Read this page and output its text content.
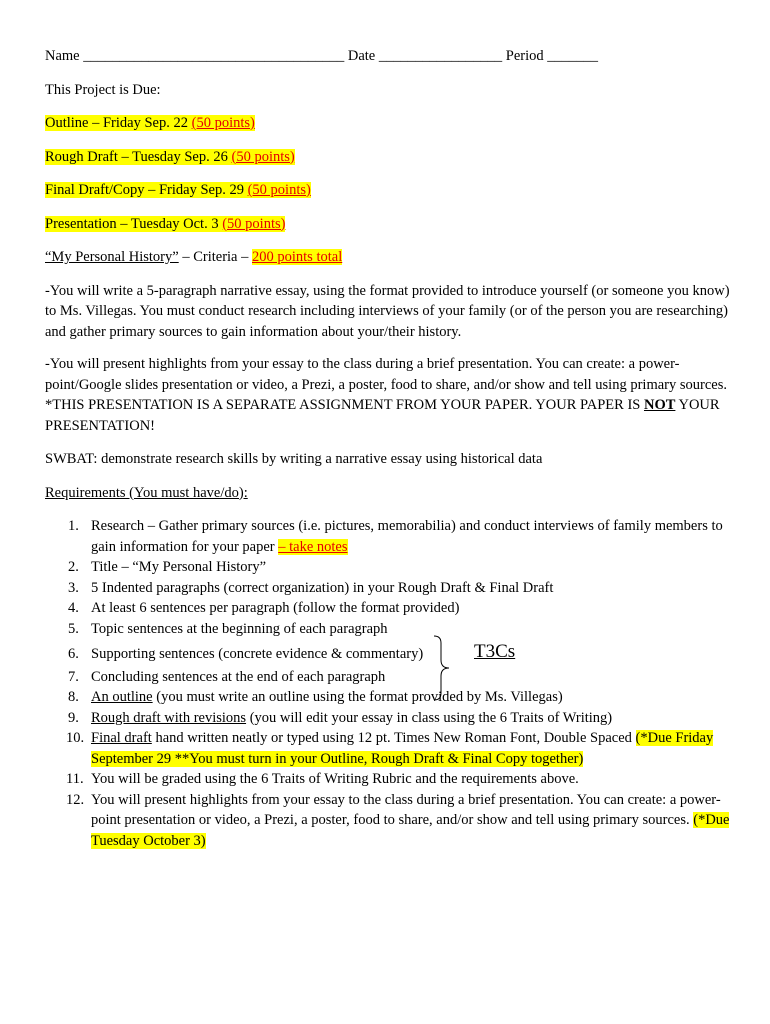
Name ____________________________________ Date _________________ Period _______

This Project is Due:

Outline – Friday Sep. 22 (50 points)

Rough Draft – Tuesday Sep. 26 (50 points)

Final Draft/Copy – Friday Sep. 29 (50 points)

Presentation – Tuesday Oct. 3 (50 points)

“My Personal History” – Criteria – 200 points total

-You will write a 5-paragraph narrative essay, using the format provided to introduce yourself (or someone you know) to Ms. Villegas. You must conduct research including interviews of your family (or of the person you are researching) and gather primary sources to gain information about your/their history.

-You will present highlights from your essay to the class during a brief presentation. You can create: a power-point/Google slides presentation or video, a Prezi, a poster, food to share, and/or show and tell using primary sources. *THIS PRESENTATION IS A SEPARATE ASSIGNMENT FROM YOUR PAPER. YOUR PAPER IS NOT YOUR PRESENTATION!

SWBAT: demonstrate research skills by writing a narrative essay using historical data

Requirements (You must have/do):

1. Research – Gather primary sources (i.e. pictures, memorabilia) and conduct interviews of family members to gain information for your paper – take notes
2. Title – “My Personal History”
3. 5 Indented paragraphs (correct organization) in your Rough Draft & Final Draft
4. At least 6 sentences per paragraph (follow the format provided)
5. Topic sentences at the beginning of each paragraph
6. Supporting sentences (concrete evidence & commentary)
7. Concluding sentences at the end of each paragraph
8. An outline (you must write an outline using the format provided by Ms. Villegas)
9. Rough draft with revisions (you will edit your essay in class using the 6 Traits of Writing)
10. Final draft hand written neatly or typed using 12 pt. Times New Roman Font, Double Spaced (*Due Friday September 29 **You must turn in your Outline, Rough Draft & Final Copy together)
11. You will be graded using the 6 Traits of Writing Rubric and the requirements above.
12. You will present highlights from your essay to the class during a brief presentation. You can create: a power-point presentation or video, a Prezi, a poster, food to share, and/or show and tell using primary sources. (*Due Tuesday October 3)
T3Cs
